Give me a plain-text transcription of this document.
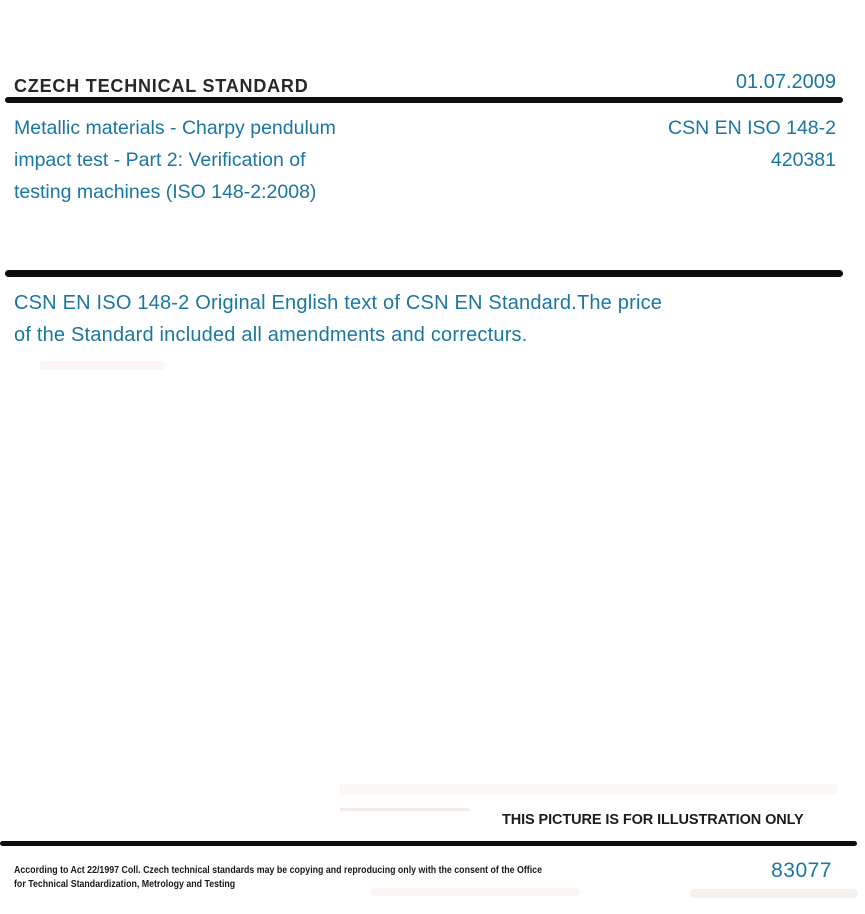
CZECH TECHNICAL STANDARD	01.07.2009
Metallic materials - Charpy pendulum
impact test - Part 2: Verification of
testing machines (ISO 148-2:2008)
CSN EN ISO 148-2
420381
CSN EN ISO 148-2 Original English text of CSN EN Standard.The price
of the Standard included all amendments and correcturs.
THIS PICTURE IS FOR ILLUSTRATION ONLY
According to Act 22/1997 Coll. Czech technical standards may be copying and reproducing only with the consent of the Office
for Technical Standardization, Metrology and Testing
83077
